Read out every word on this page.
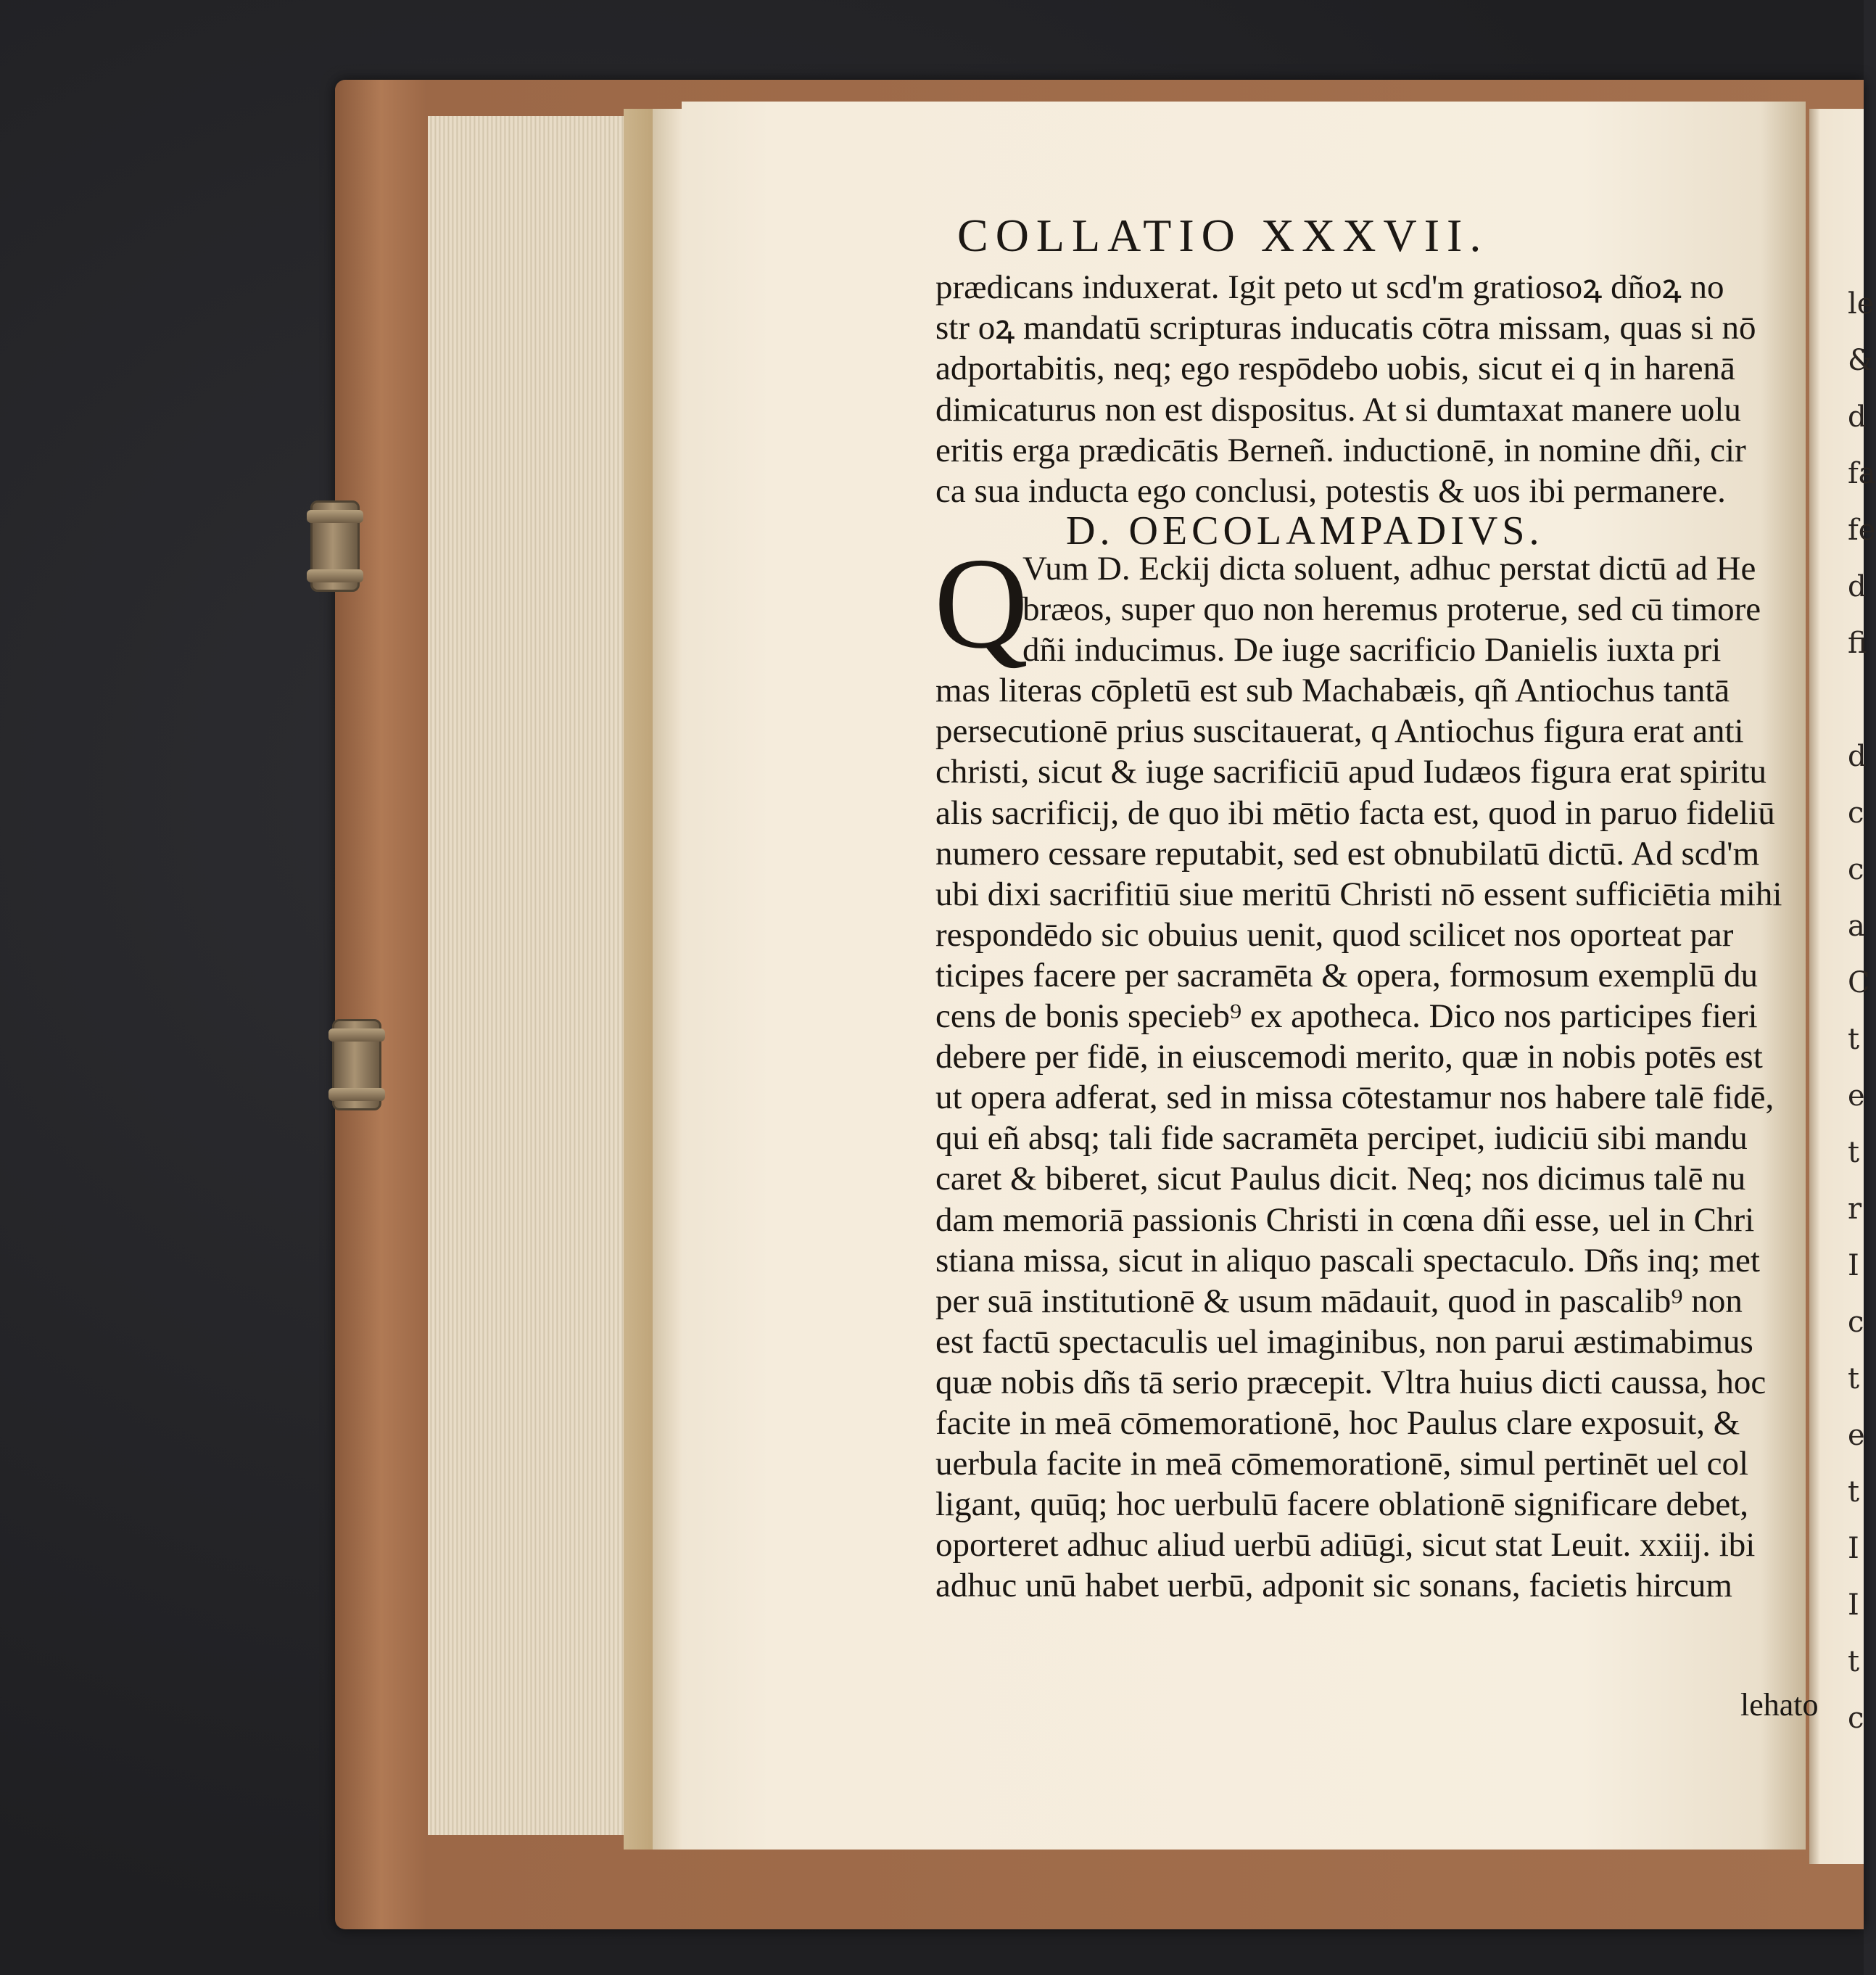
le
&
d
fa
fe
d
fi
d
c
c
a
C
t
e
t
r
I
c
t
e
t
I
I
t
c
COLLATIO XXXVII.
prædicans induxerat. Igit peto ut scd'm gratiosoꝝ dñoꝝ no
str oꝝ mandatū scripturas inducatis cōtra missam, quas si nō
adportabitis, neq; ego respōdebo uobis, sicut ei q in harenā
dimicaturus non est dispositus. At si dumtaxat manere uolu
eritis erga prædicātis Berneñ. inductionē, in nomine dñi, cir
ca sua inducta ego conclusi, potestis & uos ibi permanere.
D. OECOLAMPADIVS.
Q
Vum D. Eckij dicta soluent, adhuc perstat dictū ad He
bræos, super quo non heremus proterue, sed cū timore
dñi inducimus. De iuge sacrificio Danielis iuxta pri
mas literas cōpletū est sub Machabæis, qñ Antiochus tantā
persecutionē prius suscitauerat, q Antiochus figura erat anti
christi, sicut & iuge sacrificiū apud Iudæos figura erat spiritu
alis sacrificij, de quo ibi mētio facta est, quod in paruo fideliū
numero cessare reputabit, sed est obnubilatū dictū. Ad scd'm
ubi dixi sacrifitiū siue meritū Christi nō essent sufficiētia mihi
respondēdo sic obuius uenit, quod scilicet nos oporteat par
ticipes facere per sacramēta & opera, formosum exemplū du
cens de bonis specieb⁹ ex apotheca. Dico nos participes fieri
debere per fidē, in eiuscemodi merito, quæ in nobis potēs est
ut opera adferat, sed in missa cōtestamur nos habere talē fidē,
qui eñ absq; tali fide sacramēta percipet, iudiciū sibi mandu
caret & biberet, sicut Paulus dicit. Neq; nos dicimus talē nu
dam memoriā passionis Christi in cœna dñi esse, uel in Chri
stiana missa, sicut in aliquo pascali spectaculo. Dñs inq; met
per suā institutionē & usum mādauit, quod in pascalib⁹ non
est factū spectaculis uel imaginibus, non parui æstimabimus
quæ nobis dñs tā serio præcepit. Vltra huius dicti caussa, hoc
facite in meā cōmemorationē, hoc Paulus clare exposuit, &
uerbula facite in meā cōmemorationē, simul pertinēt uel col
ligant, quūq; hoc uerbulū facere oblationē significare debet,
oporteret adhuc aliud uerbū adiūgi, sicut stat Leuit. xxiij. ibi
adhuc unū habet uerbū, adponit sic sonans, facietis hircum
lehato
